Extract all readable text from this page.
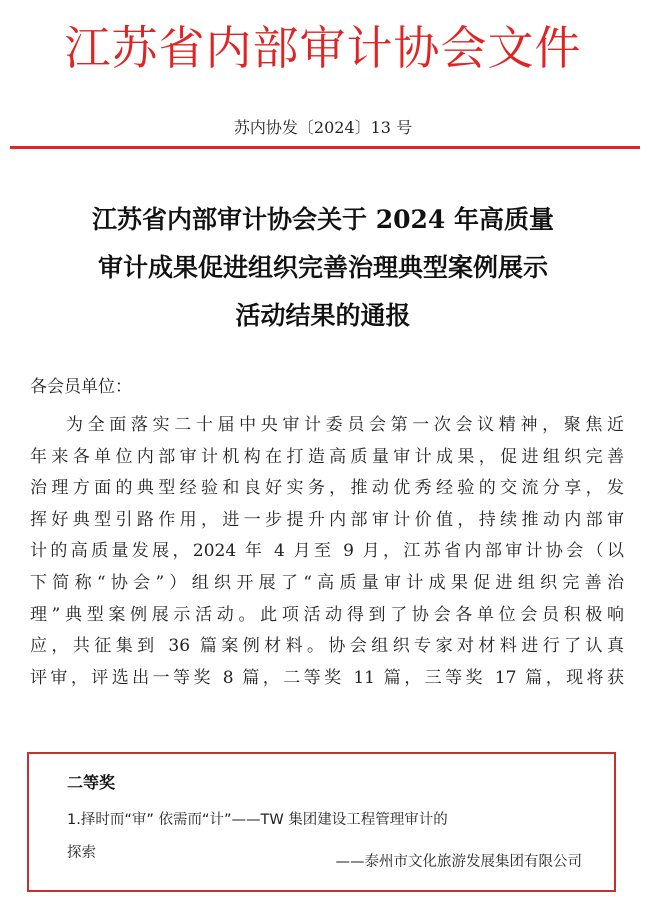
江苏省内部审计协会文件
苏内协发〔2024〕13 号
江苏省内部审计协会关于 2024 年高质量
审计成果促进组织完善治理典型案例展示
活动结果的通报
各会员单位：
为全面落实二十届中央审计委员会第一次会议精神，聚焦近
年来各单位内部审计机构在打造高质量审计成果，促进组织完善
治理方面的典型经验和良好实务，推动优秀经验的交流分享，发
挥好典型引路作用，进一步提升内部审计价值，持续推动内部审
计的高质量发展，2024 年 4 月至 9 月，江苏省内部审计协会（以
下简称“协会”）组织开展了“高质量审计成果促进组织完善治
理”典型案例展示活动。此项活动得到了协会各单位会员积极响
应，共征集到 36 篇案例材料。协会组织专家对材料进行了认真
评审，评选出一等奖 8 篇，二等奖 11 篇，三等奖 17 篇，现将获
二等奖
1.择时而“审” 依需而“计”——TW 集团建设工程管理审计的
探索
——泰州市文化旅游发展集团有限公司
